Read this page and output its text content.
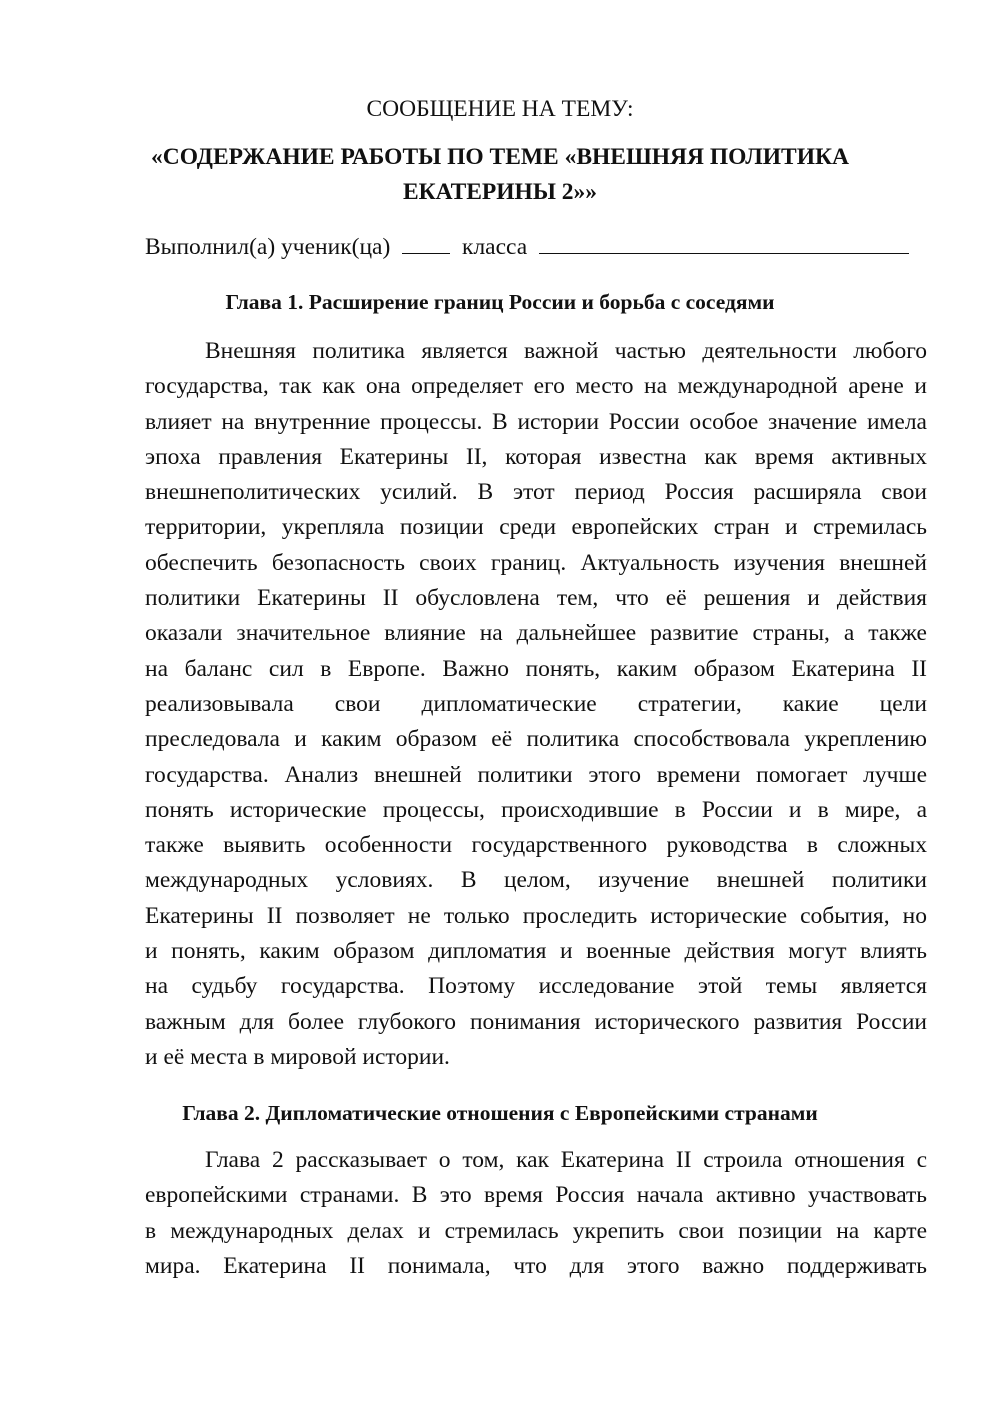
СООБЩЕНИЕ НА ТЕМУ:
«СОДЕРЖАНИЕ РАБОТЫ ПО ТЕМЕ «ВНЕШНЯЯ ПОЛИТИКА
ЕКАТЕРИНЫ 2»»
Выполнил(а) ученик(ца)	класса
Глава 1. Расширение границ России и борьба с соседями
Внешняя политика является важной частью деятельности любого
государства, так как она определяет его место на международной арене и
влияет на внутренние процессы. В истории России особое значение имела
эпоха правления Екатерины II, которая известна как время активных
внешнеполитических усилий. В этот период Россия расширяла свои
территории, укрепляла позиции среди европейских стран и стремилась
обеспечить безопасность своих границ. Актуальность изучения внешней
политики Екатерины II обусловлена тем, что её решения и действия
оказали значительное влияние на дальнейшее развитие страны, а также
на баланс сил в Европе. Важно понять, каким образом Екатерина II
реализовывала свои дипломатические стратегии, какие цели
преследовала и каким образом её политика способствовала укреплению
государства. Анализ внешней политики этого времени помогает лучше
понять исторические процессы, происходившие в России и в мире, а
также выявить особенности государственного руководства в сложных
международных условиях. В целом, изучение внешней политики
Екатерины II позволяет не только проследить исторические события, но
и понять, каким образом дипломатия и военные действия могут влиять
на судьбу государства. Поэтому исследование этой темы является
важным для более глубокого понимания исторического развития России
и её места в мировой истории.
Глава 2. Дипломатические отношения с Европейскими странами
Глава 2 рассказывает о том, как Екатерина II строила отношения с
европейскими странами. В это время Россия начала активно участвовать
в международных делах и стремилась укрепить свои позиции на карте
мира. Екатерина II понимала, что для этого важно поддерживать
